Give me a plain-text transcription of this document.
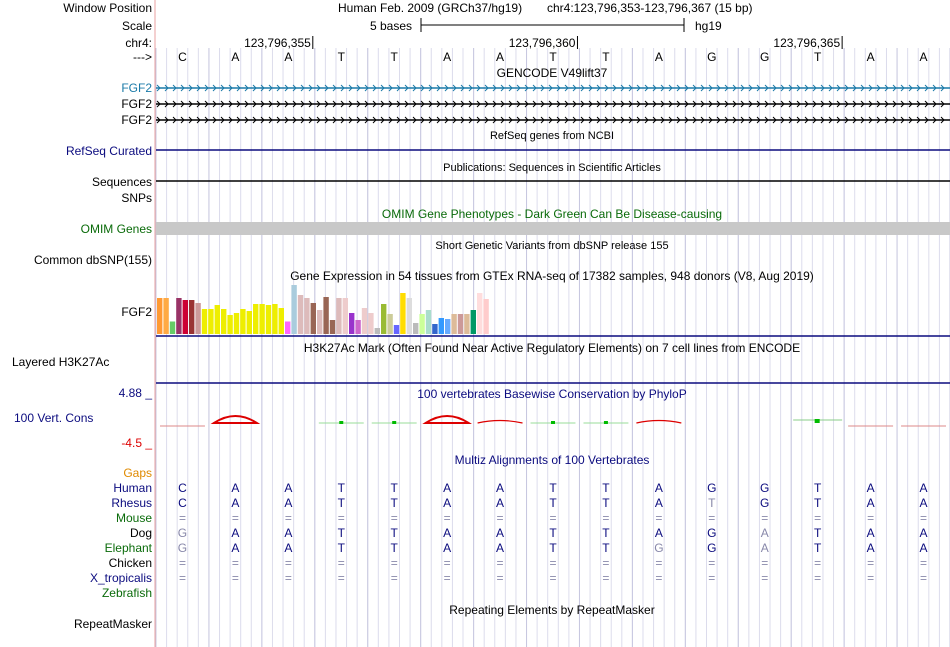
Window Position	Human Feb. 2009 (GRCh37/hg19) chr4:123,796,353-123,796,367 (15 bp)
Scale	5 bases	hg19
chr4:	123,796,355	123,796,360	123,796,365
---> C	A	A	T	T	A	A	T	T	A	G	G	T	A	A
GENCODE V49lift37
FGF2
FGF2
FGF2
RefSeq genes from NCBI
RefSeq Curated
Publications: Sequences in Scientific Articles
Sequences
SNPs
OMIM Gene Phenotypes - Dark Green Can Be Disease-causing
OMIM Genes
Short Genetic Variants from dbSNP release 155
Common dbSNP(155)
Gene Expression in 54 tissues from GTEx RNA-seq of 17382 samples, 948 donors (V8, Aug 2019)
FGF2
H3K27Ac Mark (Often Found Near Active Regulatory Elements) on 7 cell lines from ENCODE
Layered H3K27Ac
100 vertebrates Basewise Conservation by PhyloP
4.88 _
100 Vert. Cons
-4.5 _
Multiz Alignments of 100 Vertebrates
Gaps
Human C	A	A	T	T	A	A	T	T	A	G	G	T	A	A
Rhesus C	A	A	T	T	A	A	T	T	A	T	G	T	A	A
Mouse =	=	=	=	=	=	=	=	=	=	=	=	=	=	=
Dog G	A	A	T	T	A	A	T	T	A	G	A	T	A	A
Elephant G	A	A	T	T	A	A	T	T	G	G	A	T	A	A
Chicken =	=	=	=	=	=	=	=	=	=	=	=	=	=	=
X_tropicalis =	=	=	=	=	=	=	=	=	=	=	=	=	=	=
Zebrafish
Repeating Elements by RepeatMasker
RepeatMasker
